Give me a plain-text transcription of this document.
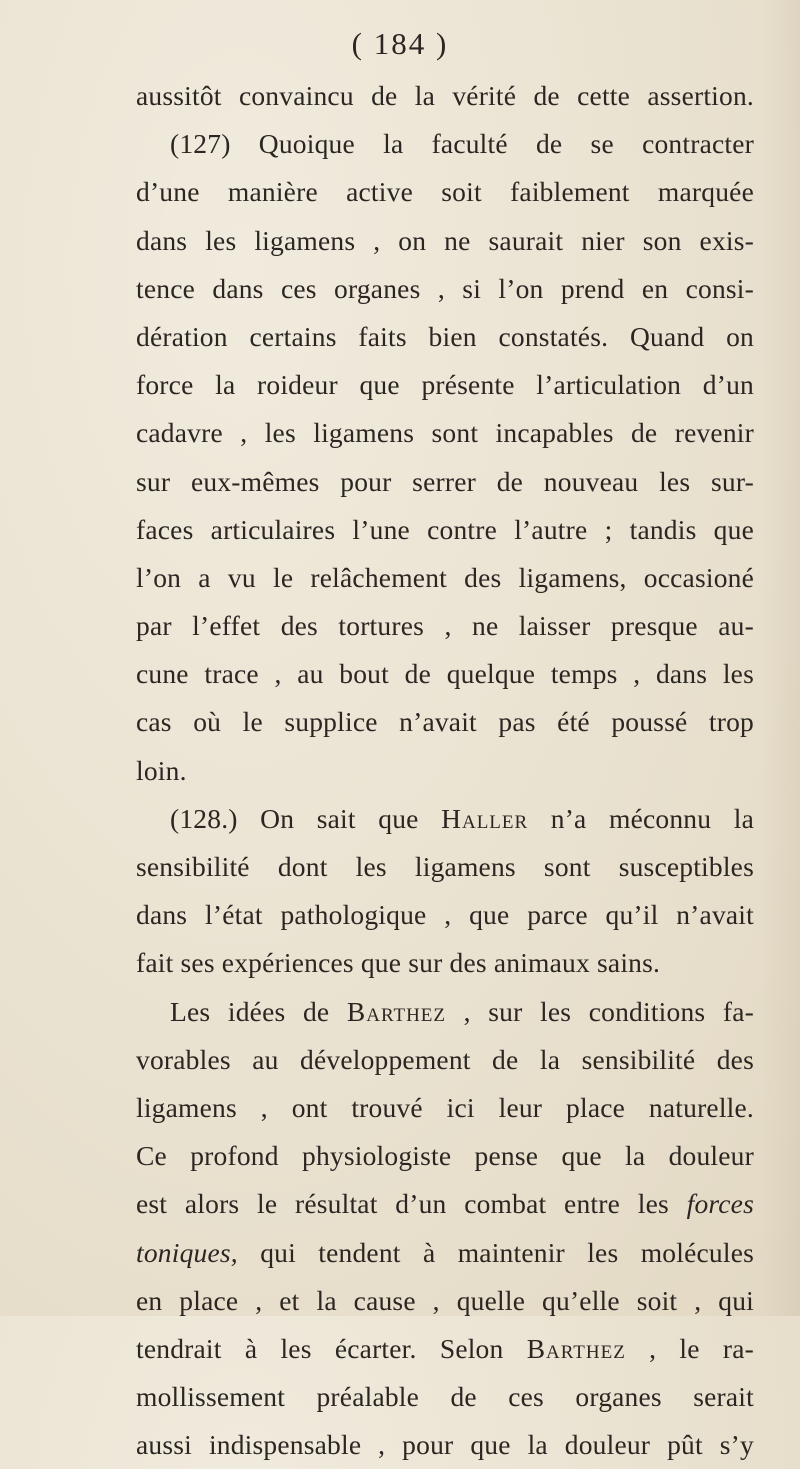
( 184 )
aussitôt convaincu de la vérité de cette assertion.
(127) Quoique la faculté de se contracter
d’une manière active soit faiblement marquée
dans les ligamens , on ne saurait nier son exis-
tence dans ces organes , si l’on prend en consi-
dération certains faits bien constatés. Quand on
force la roideur que présente l’articulation d’un
cadavre , les ligamens sont incapables de revenir
sur eux-mêmes pour serrer de nouveau les sur-
faces articulaires l’une contre l’autre ; tandis que
l’on a vu le relâchement des ligamens, occasioné
par l’effet des tortures , ne laisser presque au-
cune trace , au bout de quelque temps , dans les
cas où le supplice n’avait pas été poussé trop
loin.
(128.) On sait que Haller n’a méconnu la
sensibilité dont les ligamens sont susceptibles
dans l’état pathologique , que parce qu’il n’avait
fait ses expériences que sur des animaux sains.
Les idées de Barthez , sur les conditions fa-
vorables au développement de la sensibilité des
ligamens , ont trouvé ici leur place naturelle.
Ce profond physiologiste pense que la douleur
est alors le résultat d’un combat entre les forces
toniques, qui tendent à maintenir les molécules
en place , et la cause , quelle qu’elle soit , qui
tendrait à les écarter. Selon Barthez , le ra-
mollissement préalable de ces organes serait
aussi indispensable , pour que la douleur pût s’y
